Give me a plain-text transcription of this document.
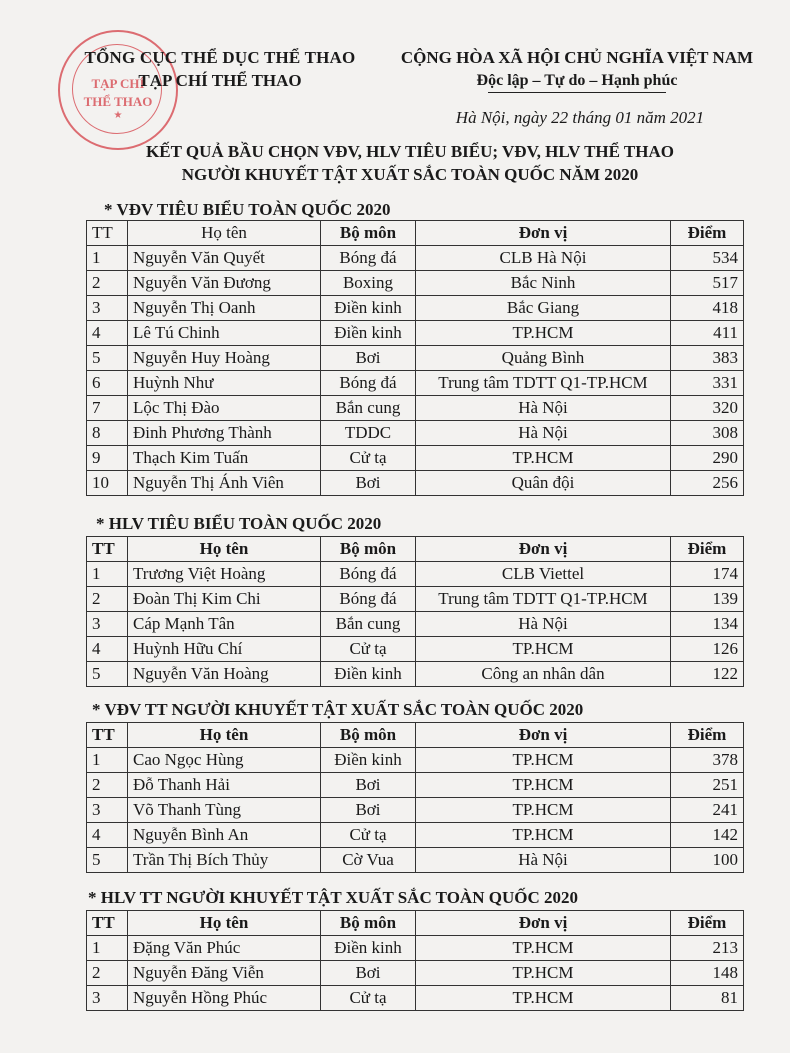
TẠP CHÍ
THỂ THAO
★
TỔNG CỤC THỂ DỤC THỂ THAO
TẠP CHÍ THỂ THAO
CỘNG HÒA XÃ HỘI CHỦ NGHĨA VIỆT NAM
Độc lập – Tự do – Hạnh phúc
Hà Nội, ngày 22 tháng 01 năm 2021
KẾT QUẢ BẦU CHỌN VĐV, HLV TIÊU BIỂU; VĐV, HLV THỂ THAO
NGƯỜI KHUYẾT TẬT XUẤT SẮC TOÀN QUỐC NĂM 2020
* VĐV TIÊU BIỂU TOÀN QUỐC 2020
TT	Họ tên	Bộ môn	Đơn vị	Điểm
1	Nguyễn Văn Quyết	Bóng đá	CLB Hà Nội	534
2	Nguyễn Văn Đương	Boxing	Bắc Ninh	517
3	Nguyễn Thị Oanh	Điền kinh	Bắc Giang	418
4	Lê Tú Chinh	Điền kinh	TP.HCM	411
5	Nguyễn Huy Hoàng	Bơi	Quảng Bình	383
6	Huỳnh Như	Bóng đá	Trung tâm TDTT Q1-TP.HCM	331
7	Lộc Thị Đào	Bắn cung	Hà Nội	320
8	Đinh Phương Thành	TDDC	Hà Nội	308
9	Thạch Kim Tuấn	Cử tạ	TP.HCM	290
10	Nguyễn Thị Ánh Viên	Bơi	Quân đội	256
* HLV TIÊU BIỂU TOÀN QUỐC 2020
TT	Họ tên	Bộ môn	Đơn vị	Điểm
1	Trương Việt Hoàng	Bóng đá	CLB Viettel	174
2	Đoàn Thị Kim Chi	Bóng đá	Trung tâm TDTT Q1-TP.HCM	139
3	Cáp Mạnh Tân	Bắn cung	Hà Nội	134
4	Huỳnh Hữu Chí	Cử tạ	TP.HCM	126
5	Nguyễn Văn Hoàng	Điền kinh	Công an nhân dân	122
* VĐV TT NGƯỜI KHUYẾT TẬT XUẤT SẮC TOÀN QUỐC 2020
TT	Họ tên	Bộ môn	Đơn vị	Điểm
1	Cao Ngọc Hùng	Điền kinh	TP.HCM	378
2	Đỗ Thanh Hải	Bơi	TP.HCM	251
3	Võ Thanh Tùng	Bơi	TP.HCM	241
4	Nguyễn Bình An	Cử tạ	TP.HCM	142
5	Trần Thị Bích Thủy	Cờ Vua	Hà Nội	100
* HLV TT NGƯỜI KHUYẾT TẬT XUẤT SẮC TOÀN QUỐC 2020
TT	Họ tên	Bộ môn	Đơn vị	Điểm
1	Đặng Văn Phúc	Điền kinh	TP.HCM	213
2	Nguyễn Đăng Viễn	Bơi	TP.HCM	148
3	Nguyễn Hồng Phúc	Cử tạ	TP.HCM	81
